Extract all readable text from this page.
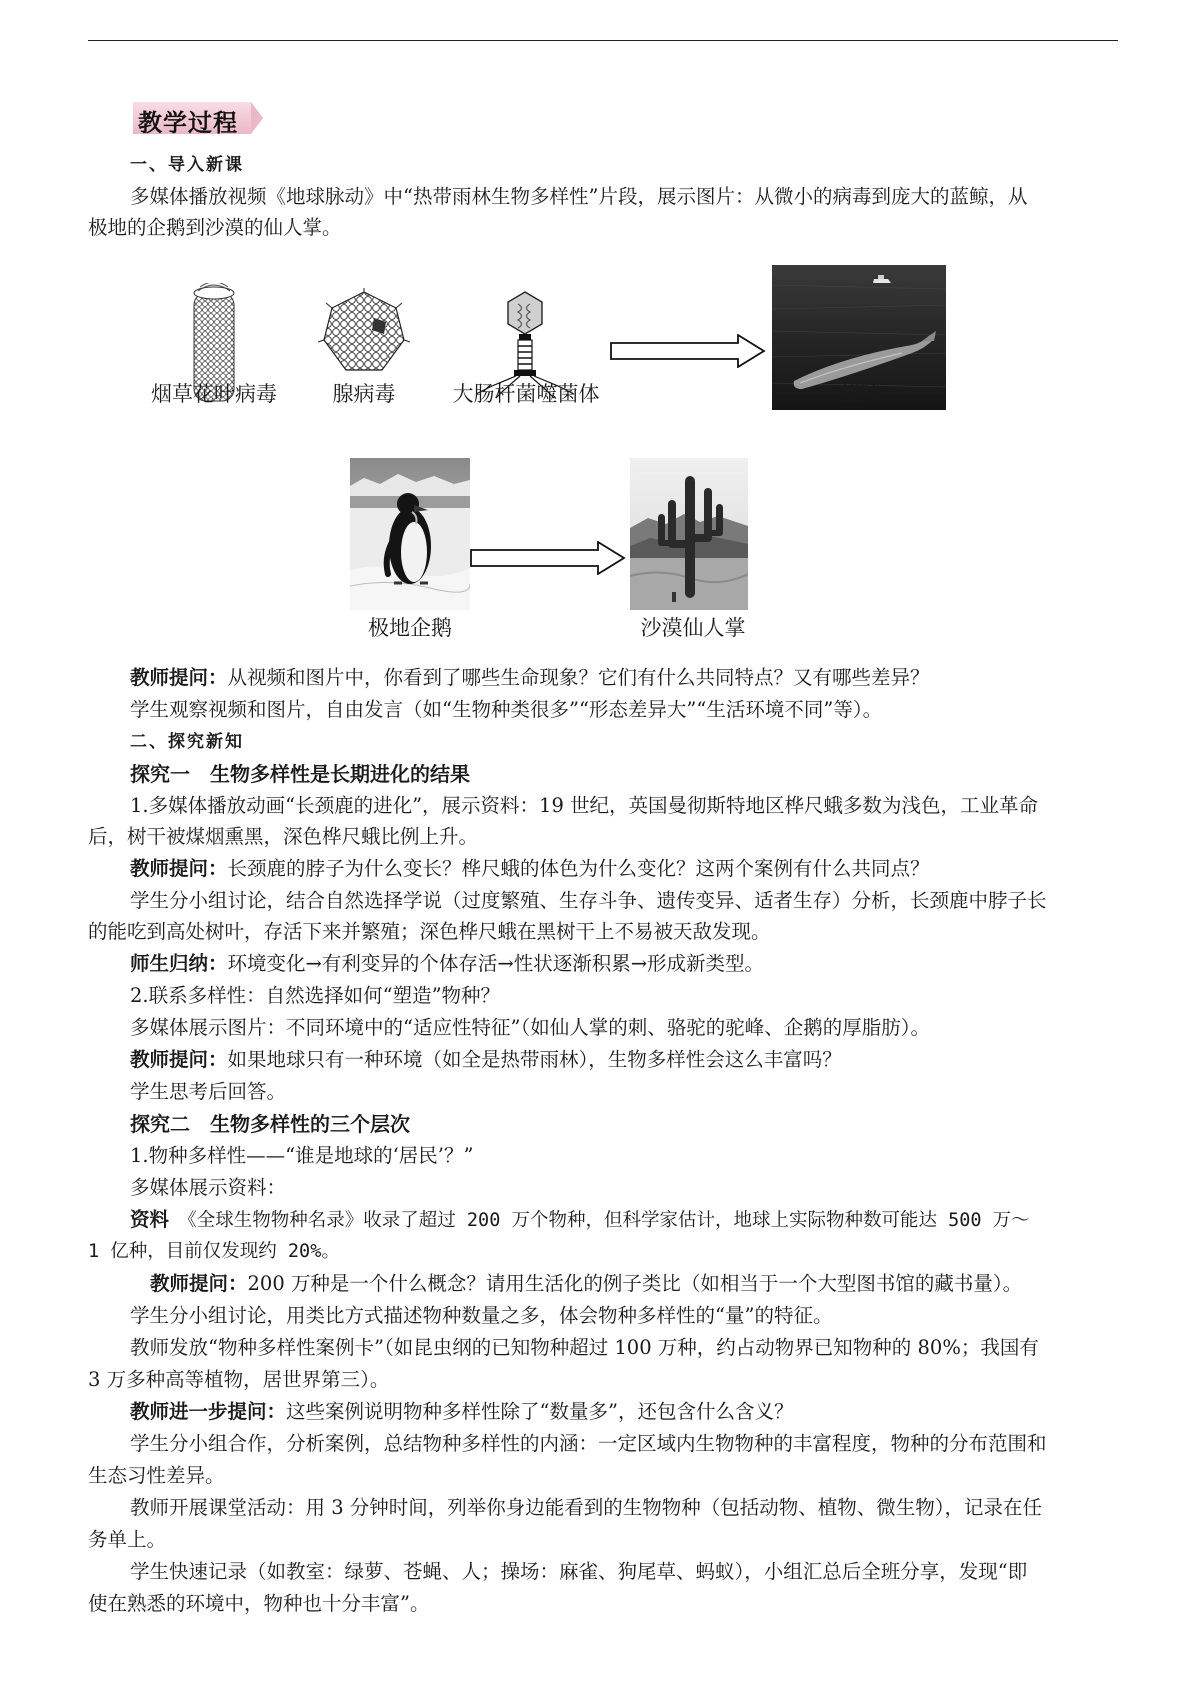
教学过程
一、导入新课
多媒体播放视频《地球脉动》中“热带雨林生物多样性”片段，展示图片：从微小的病毒到庞大的蓝鲸，从
极地的企鹅到沙漠的仙人掌。
烟草花叶病毒	腺病毒	大肠杆菌噬菌体	蓝鲸
极地企鹅	沙漠仙人掌
教师提问：从视频和图片中，你看到了哪些生命现象？它们有什么共同特点？又有哪些差异？
学生观察视频和图片，自由发言（如“生物种类很多”“形态差异大”“生活环境不同”等）。
二、探究新知
探究一　生物多样性是长期进化的结果
1.多媒体播放动画“长颈鹿的进化”，展示资料：19 世纪，英国曼彻斯特地区桦尺蛾多数为浅色，工业革命
后，树干被煤烟熏黑，深色桦尺蛾比例上升。
教师提问：长颈鹿的脖子为什么变长？桦尺蛾的体色为什么变化？这两个案例有什么共同点？
学生分小组讨论，结合自然选择学说（过度繁殖、生存斗争、遗传变异、适者生存）分析，长颈鹿中脖子长
的能吃到高处树叶，存活下来并繁殖；深色桦尺蛾在黑树干上不易被天敌发现。
师生归纳：环境变化→有利变异的个体存活→性状逐渐积累→形成新类型。
2.联系多样性：自然选择如何“塑造”物种？
多媒体展示图片：不同环境中的“适应性特征”（如仙人掌的刺、骆驼的驼峰、企鹅的厚脂肪）。
教师提问：如果地球只有一种环境（如全是热带雨林），生物多样性会这么丰富吗？
学生思考后回答。
探究二　生物多样性的三个层次
1.物种多样性——“谁是地球的‘居民’？”
多媒体展示资料：
资料　 《全球生物物种名录》收录了超过 200 万个物种，但科学家估计，地球上实际物种数可能达 500 万～
1 亿种，目前仅发现约 20%。
教师提问：200 万种是一个什么概念？请用生活化的例子类比（如相当于一个大型图书馆的藏书量）。
学生分小组讨论，用类比方式描述物种数量之多，体会物种多样性的“量”的特征。
教师发放“物种多样性案例卡”（如昆虫纲的已知物种超过 100 万种，约占动物界已知物种的 80%；我国有
3 万多种高等植物，居世界第三）。
教师进一步提问：这些案例说明物种多样性除了“数量多”，还包含什么含义？
学生分小组合作，分析案例，总结物种多样性的内涵：一定区域内生物物种的丰富程度，物种的分布范围和
生态习性差异。
教师开展课堂活动：用 3 分钟时间，列举你身边能看到的生物物种（包括动物、植物、微生物），记录在任
务单上。
学生快速记录（如教室：绿萝、苍蝇、人；操场：麻雀、狗尾草、蚂蚁），小组汇总后全班分享，发现“即
使在熟悉的环境中，物种也十分丰富”。
